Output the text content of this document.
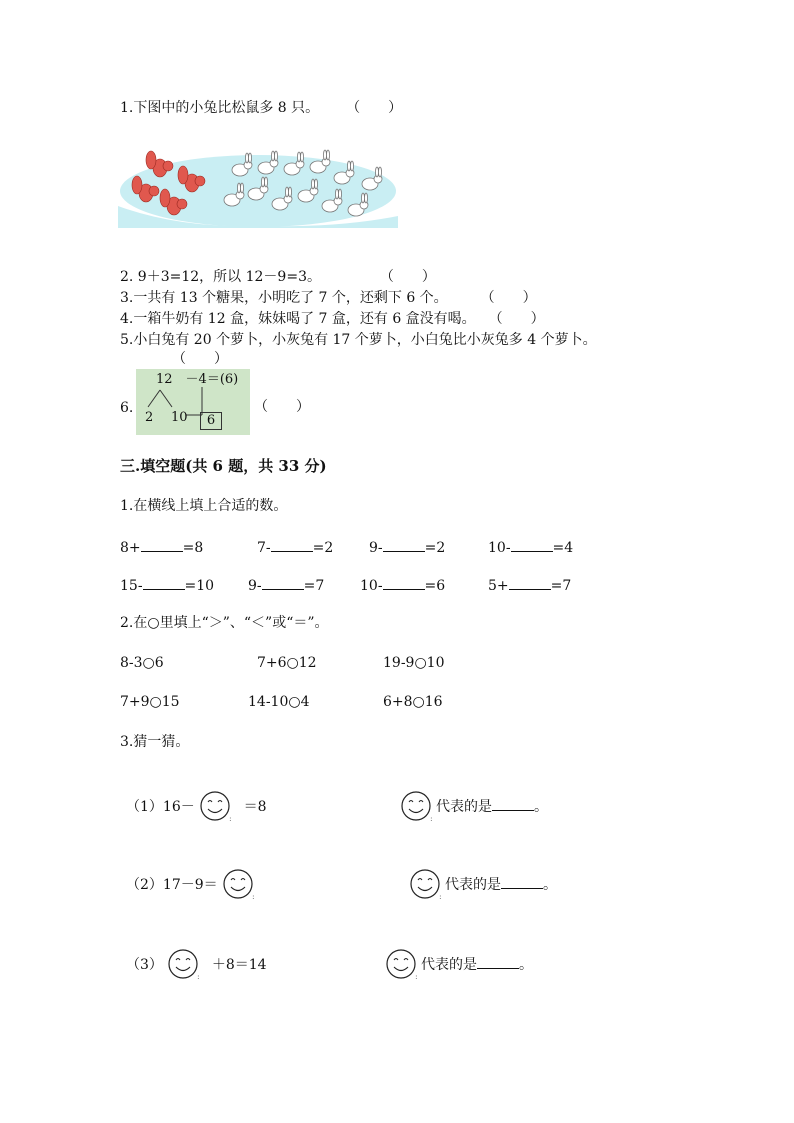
1.下图中的小兔比松鼠多 8 只。 （　　）
2. 9＋3=12，所以 12－9=3。	（　　）
3.一共有 13 个糖果，小明吃了 7 个，还剩下 6 个。 （　　）
4.一箱牛奶有 12 盒，妹妹喝了 7 盒，还有 6 盒没有喝。 （　　）
5.小白兔有 20 个萝卜，小灰兔有 17 个萝卜，小白兔比小灰兔多 4 个萝卜。
（　　）
6.
12　－4＝(6)
2 10	6
（　　）
三.填空题(共 6 题，共 33 分)
1.在横线上填上合适的数。
8+	=8	7-	=2	9-	=2	10-	=4
15-	=10 9-	=7	10-	=6	5+	=7
2.在○里填上“＞”、“＜”或“＝”。
8-3○6	7+6○12	19-9○10
7+9○15	14-10○4	6+8○16
3.猜一猜。
（1）16－
:
＝8
:
代表的是	。
（2）17－9＝
:	:
代表的是	。
（3）
:
＋8＝14
:
代表的是	。
